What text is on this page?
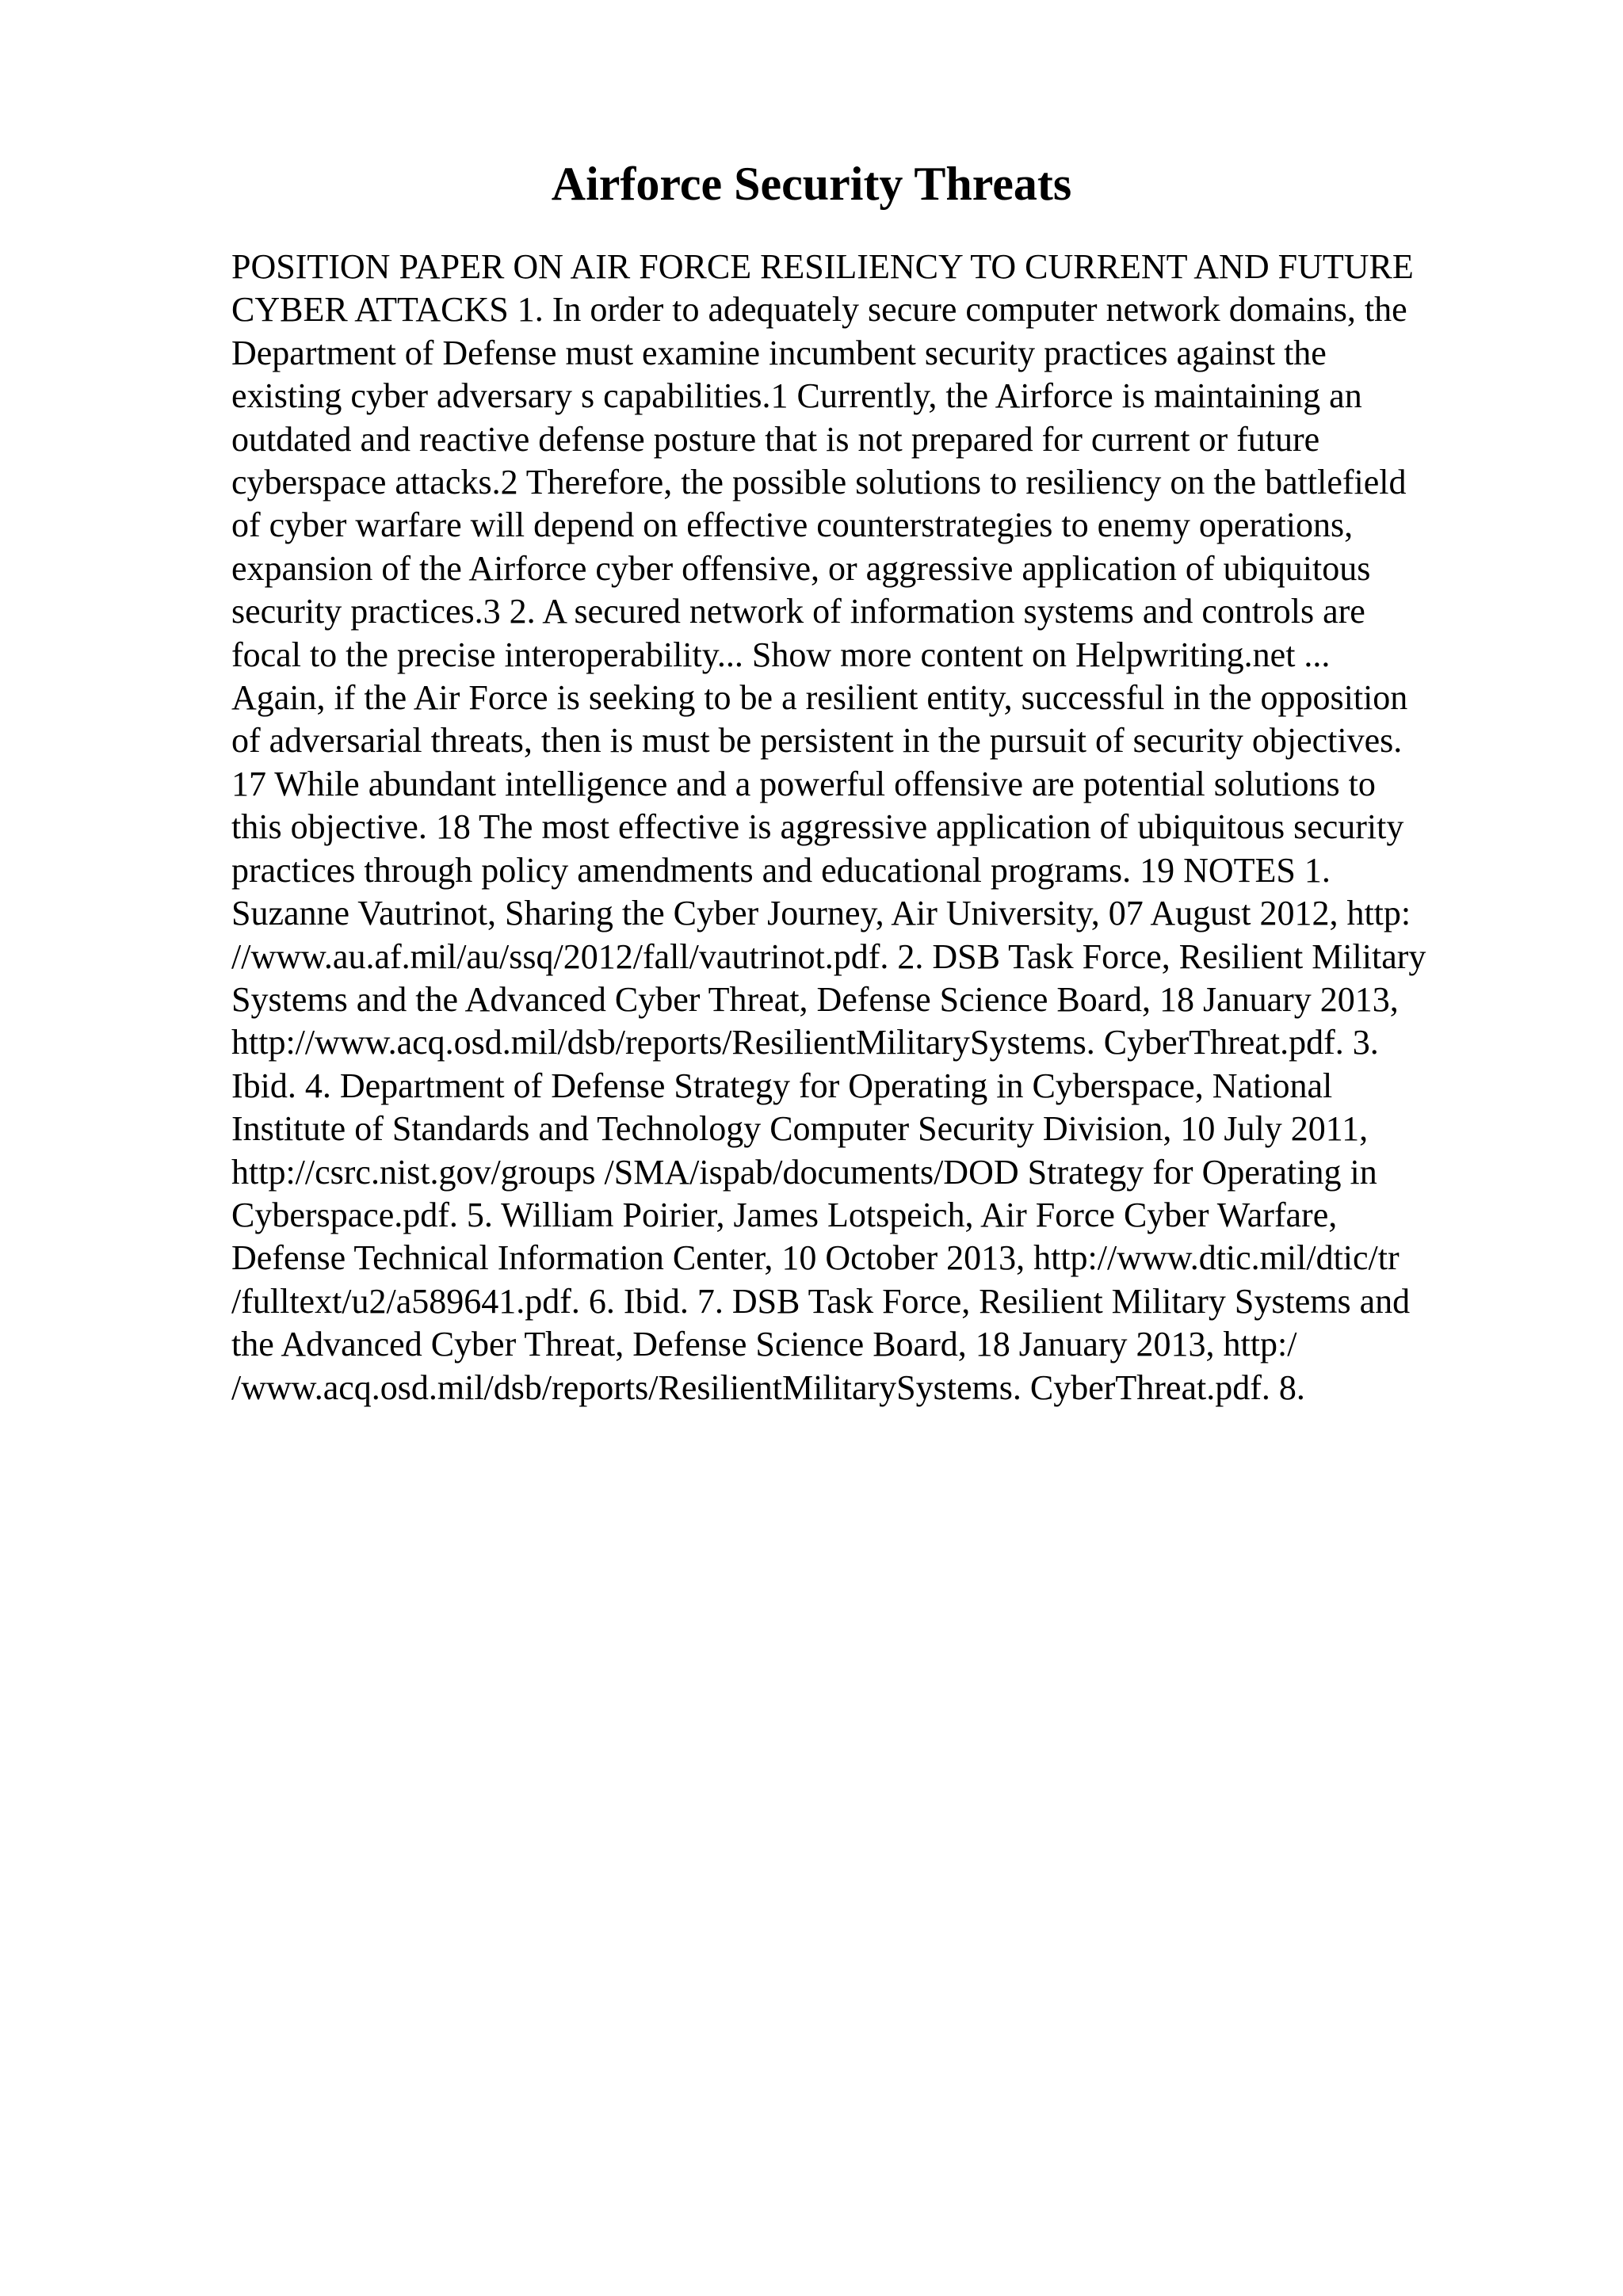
Airforce Security Threats
POSITION PAPER ON AIR FORCE RESILIENCY TO CURRENT AND FUTURE
CYBER ATTACKS 1. In order to adequately secure computer network domains, the
Department of Defense must examine incumbent security practices against the
existing cyber adversary s capabilities.1 Currently, the Airforce is maintaining an
outdated and reactive defense posture that is not prepared for current or future
cyberspace attacks.2 Therefore, the possible solutions to resiliency on the battlefield
of cyber warfare will depend on effective counterstrategies to enemy operations,
expansion of the Airforce cyber offensive, or aggressive application of ubiquitous
security practices.3 2. A secured network of information systems and controls are
focal to the precise interoperability... Show more content on Helpwriting.net ...
Again, if the Air Force is seeking to be a resilient entity, successful in the opposition
of adversarial threats, then is must be persistent in the pursuit of security objectives.
17 While abundant intelligence and a powerful offensive are potential solutions to
this objective. 18 The most effective is aggressive application of ubiquitous security
practices through policy amendments and educational programs. 19 NOTES 1.
Suzanne Vautrinot, Sharing the Cyber Journey, Air University, 07 August 2012, http:
//www.au.af.mil/au/ssq/2012/fall/vautrinot.pdf. 2. DSB Task Force, Resilient Military
Systems and the Advanced Cyber Threat, Defense Science Board, 18 January 2013,
http://www.acq.osd.mil/dsb/reports/ResilientMilitarySystems. CyberThreat.pdf. 3.
Ibid. 4. Department of Defense Strategy for Operating in Cyberspace, National
Institute of Standards and Technology Computer Security Division, 10 July 2011,
http://csrc.nist.gov/groups /SMA/ispab/documents/DOD Strategy for Operating in
Cyberspace.pdf. 5. William Poirier, James Lotspeich, Air Force Cyber Warfare,
Defense Technical Information Center, 10 October 2013, http://www.dtic.mil/dtic/tr
/fulltext/u2/a589641.pdf. 6. Ibid. 7. DSB Task Force, Resilient Military Systems and
the Advanced Cyber Threat, Defense Science Board, 18 January 2013, http:/
/www.acq.osd.mil/dsb/reports/ResilientMilitarySystems. CyberThreat.pdf. 8.
